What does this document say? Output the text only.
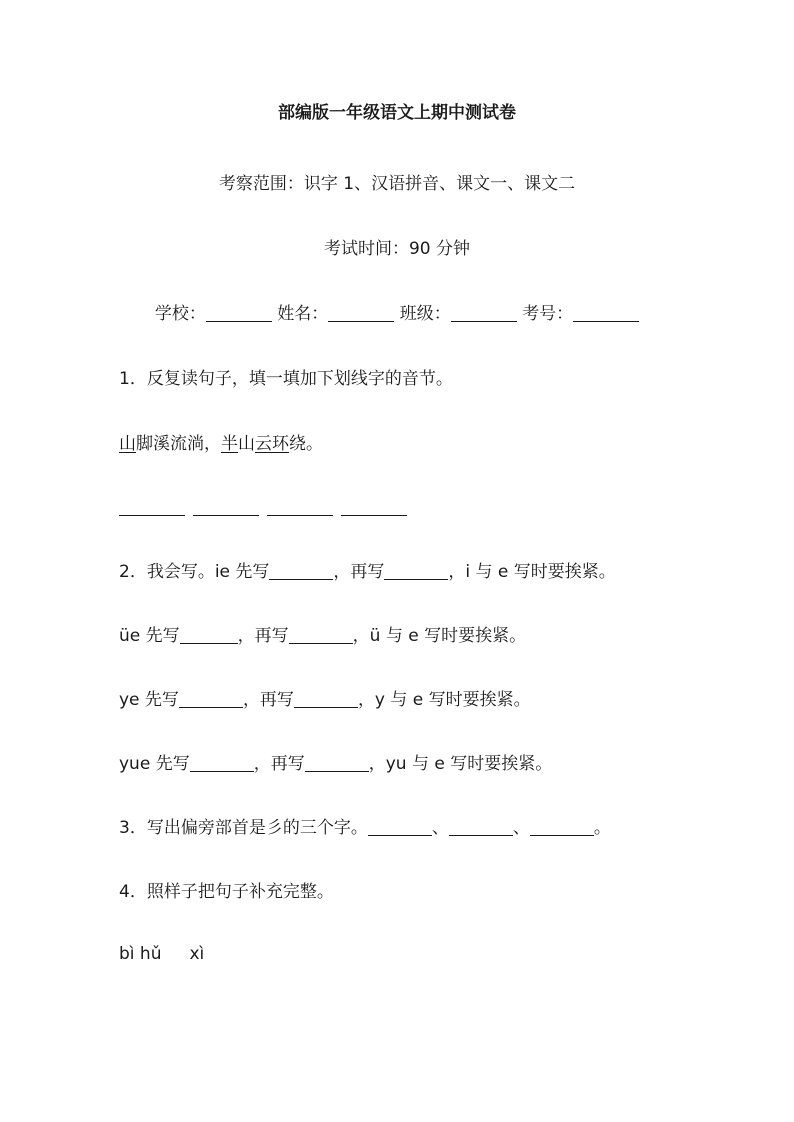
部编版一年级语文上期中测试卷
考察范围：识字 1、汉语拼音、课文一、课文二
考试时间：90 分钟
学校：	姓名：	班级：	考号：
1．反复读句子，填一填加下划线字的音节。
山脚溪流淌，半山云环绕。
2．我会写。ie 先写	，再写	，i 与 e 写时要挨紧。
üe 先写	，再写	，ü 与 e 写时要挨紧。
ye 先写	，再写	，y 与 e 写时要挨紧。
yue 先写	，再写	，yu 与 e 写时要挨紧。
3．写出偏旁部首是彡的三个字。	、	、	。
4．照样子把句子补充完整。
bì hǔ xì
